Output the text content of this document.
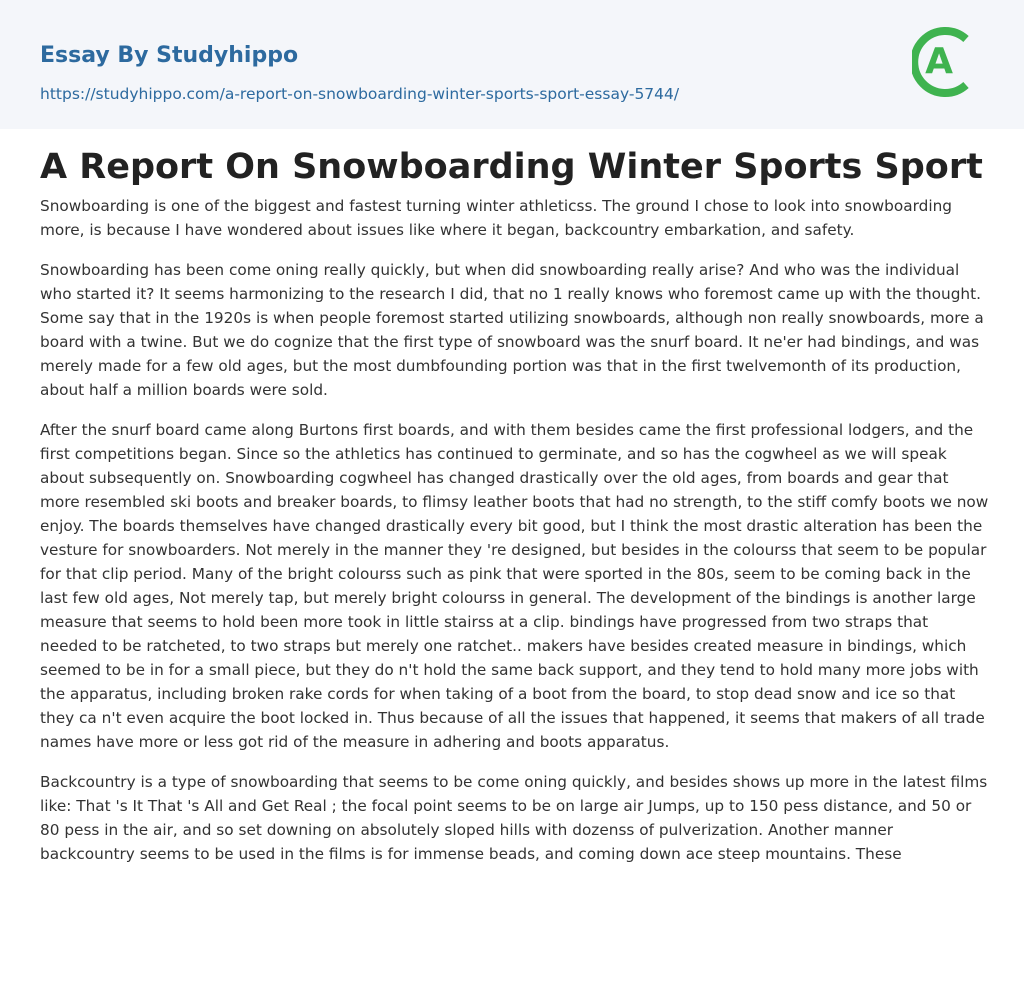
Essay By Studyhippo
https://studyhippo.com/a-report-on-snowboarding-winter-sports-sport-essay-5744/
A
A Report On Snowboarding Winter Sports Sport

Snowboarding is one of the biggest and fastest turning winter athleticss. The ground I chose to look into snowboarding more, is because I have wondered about issues like where it began, backcountry embarkation, and safety.

Snowboarding has been come oning really quickly, but when did snowboarding really arise? And who was the individual who started it? It seems harmonizing to the research I did, that no 1 really knows who foremost came up with the thought. Some say that in the 1920s is when people foremost started utilizing snowboards, although non really snowboards, more a board with a twine. But we do cognize that the first type of snowboard was the snurf board. It ne'er had bindings, and was merely made for a few old ages, but the most dumbfounding portion was that in the first twelvemonth of its production, about half a million boards were sold.

After the snurf board came along Burtons first boards, and with them besides came the first professional lodgers, and the first competitions began. Since so the athletics has continued to germinate, and so has the cogwheel as we will speak about subsequently on. Snowboarding cogwheel has changed drastically over the old ages, from boards and gear that more resembled ski boots and breaker boards, to flimsy leather boots that had no strength, to the stiff comfy boots we now enjoy. The boards themselves have changed drastically every bit good, but I think the most drastic alteration has been the vesture for snowboarders. Not merely in the manner they 're designed, but besides in the colourss that seem to be popular for that clip period. Many of the bright colourss such as pink that were sported in the 80s, seem to be coming back in the last few old ages, Not merely tap, but merely bright colourss in general. The development of the bindings is another large measure that seems to hold been more took in little stairss at a clip. bindings have progressed from two straps that needed to be ratcheted, to two straps but merely one ratchet.. makers have besides created measure in bindings, which seemed to be in for a small piece, but they do n't hold the same back support, and they tend to hold many more jobs with the apparatus, including broken rake cords for when taking of a boot from the board, to stop dead snow and ice so that they ca n't even acquire the boot locked in. Thus because of all the issues that happened, it seems that makers of all trade names have more or less got rid of the measure in adhering and boots apparatus.

Backcountry is a type of snowboarding that seems to be come oning quickly, and besides shows up more in the latest films like: That 's It That 's All and Get Real ; the focal point seems to be on large air Jumps, up to 150 pess distance, and 50 or 80 pess in the air, and so set downing on absolutely sloped hills with dozenss of pulverization. Another manner backcountry seems to be used in the films is for immense beads, and coming down ace steep mountains. These
